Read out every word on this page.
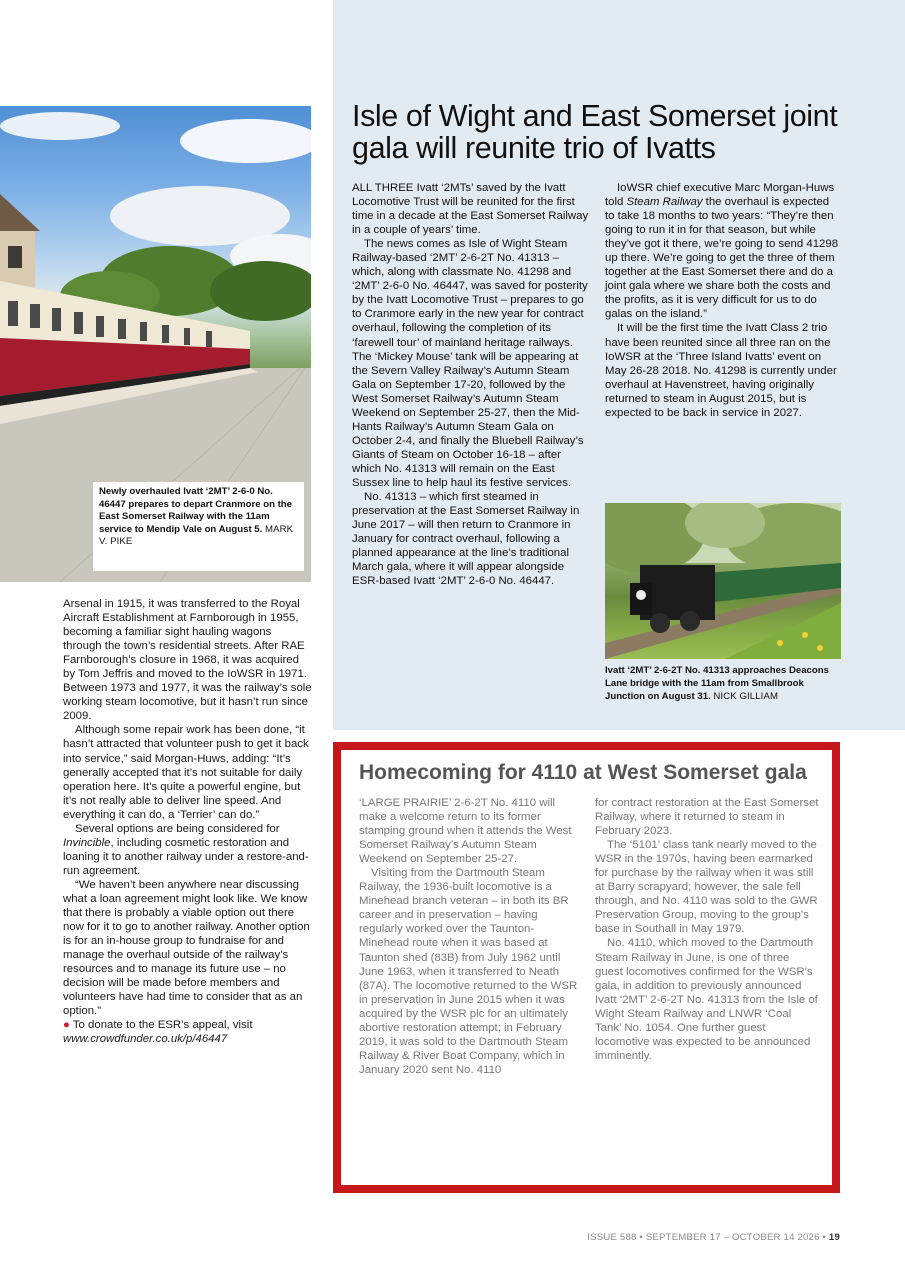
Newly overhauled Ivatt ‘2MT’ 2-6-0 No. 46447 prepares to depart Cranmore on the East Somerset Railway with the 11am service to Mendip Vale on August 5. MARK V. PIKE

Arsenal in 1915, it was transferred to the Royal Aircraft Establishment at Farnborough in 1955, becoming a familiar sight hauling wagons through the town’s residential streets. After RAE Farnborough’s closure in 1968, it was acquired by Tom Jeffris and moved to the IoWSR in 1971. Between 1973 and 1977, it was the railway’s sole working steam locomotive, but it hasn’t run since 2009.

Although some repair work has been done, “it hasn’t attracted that volunteer push to get it back into service,” said Morgan-Huws, adding: “It’s generally accepted that it’s not suitable for daily operation here. It’s quite a powerful engine, but it’s not really able to deliver line speed. And everything it can do, a ‘Terrier’ can do.”

Several options are being considered for Invincible, including cosmetic restoration and loaning it to another railway under a restore-and-run agreement.

“We haven’t been anywhere near discussing what a loan agreement might look like. We know that there is probably a viable option out there now for it to go to another railway. Another option is for an in-house group to fundraise for and manage the overhaul outside of the railway’s resources and to manage its future use – no decision will be made before members and volunteers have had time to consider that as an option.”

● To donate to the ESR’s appeal, visit
www.crowdfunder.co.uk/p/46447

Isle of Wight and East Somerset joint gala will reunite trio of Ivatts

ALL THREE Ivatt ‘2MTs’ saved by the Ivatt Locomotive Trust will be reunited for the first time in a decade at the East Somerset Railway in a couple of years’ time.

The news comes as Isle of Wight Steam Railway-based ‘2MT’ 2-6-2T No. 41313 – which, along with classmate No. 41298 and ‘2MT’ 2-6-0 No. 46447, was saved for posterity by the Ivatt Locomotive Trust – prepares to go to Cranmore early in the new year for contract overhaul, following the completion of its ‘farewell tour’ of mainland heritage railways. The ‘Mickey Mouse’ tank will be appearing at the Severn Valley Railway’s Autumn Steam Gala on September 17-20, followed by the West Somerset Railway’s Autumn Steam Weekend on September 25-27, then the Mid-Hants Railway’s Autumn Steam Gala on October 2-4, and finally the Bluebell Railway’s Giants of Steam on October 16-18 – after which No. 41313 will remain on the East Sussex line to help haul its festive services.

No. 41313 – which first steamed in preservation at the East Somerset Railway in June 2017 – will then return to Cranmore in January for contract overhaul, following a planned appearance at the line’s traditional March gala, where it will appear alongside ESR-based Ivatt ‘2MT’ 2-6-0 No. 46447.

IoWSR chief executive Marc Morgan-Huws told Steam Railway the overhaul is expected to take 18 months to two years: “They’re then going to run it in for that season, but while they’ve got it there, we’re going to send 41298 up there. We’re going to get the three of them together at the East Somerset there and do a joint gala where we share both the costs and the profits, as it is very difficult for us to do galas on the island.”

It will be the first time the Ivatt Class 2 trio have been reunited since all three ran on the IoWSR at the ‘Three Island Ivatts’ event on May 26-28 2018. No. 41298 is currently under overhaul at Havenstreet, having originally returned to steam in August 2015, but is expected to be back in service in 2027.

Ivatt ‘2MT’ 2-6-2T No. 41313 approaches Deacons Lane bridge with the 11am from Smallbrook Junction on August 31. NICK GILLIAM
Homecoming for 4110 at West Somerset gala

‘LARGE PRAIRIE’ 2-6-2T No. 4110 will make a welcome return to its former stamping ground when it attends the West Somerset Railway’s Autumn Steam Weekend on September 25-27.

Visiting from the Dartmouth Steam Railway, the 1936-built locomotive is a Minehead branch veteran – in both its BR career and in preservation – having regularly worked over the Taunton-Minehead route when it was based at Taunton shed (83B) from July 1962 until June 1963, when it transferred to Neath (87A). The locomotive returned to the WSR in preservation in June 2015 when it was acquired by the WSR plc for an ultimately abortive restoration attempt; in February 2019, it was sold to the Dartmouth Steam Railway & River Boat Company, which in January 2020 sent No. 4110

for contract restoration at the East Somerset Railway, where it returned to steam in February 2023.

The ‘5101’ class tank nearly moved to the WSR in the 1970s, having been earmarked for purchase by the railway when it was still at Barry scrapyard; however, the sale fell through, and No. 4110 was sold to the GWR Preservation Group, moving to the group’s base in Southall in May 1979.

No. 4110, which moved to the Dartmouth Steam Railway in June, is one of three guest locomotives confirmed for the WSR’s gala, in addition to previously announced Ivatt ‘2MT’ 2-6-2T No. 41313 from the Isle of Wight Steam Railway and LNWR ‘Coal Tank’ No. 1054. One further guest locomotive was expected to be announced imminently.

ISSUE 588 • SEPTEMBER 17 – OCTOBER 14 2026 • 19
